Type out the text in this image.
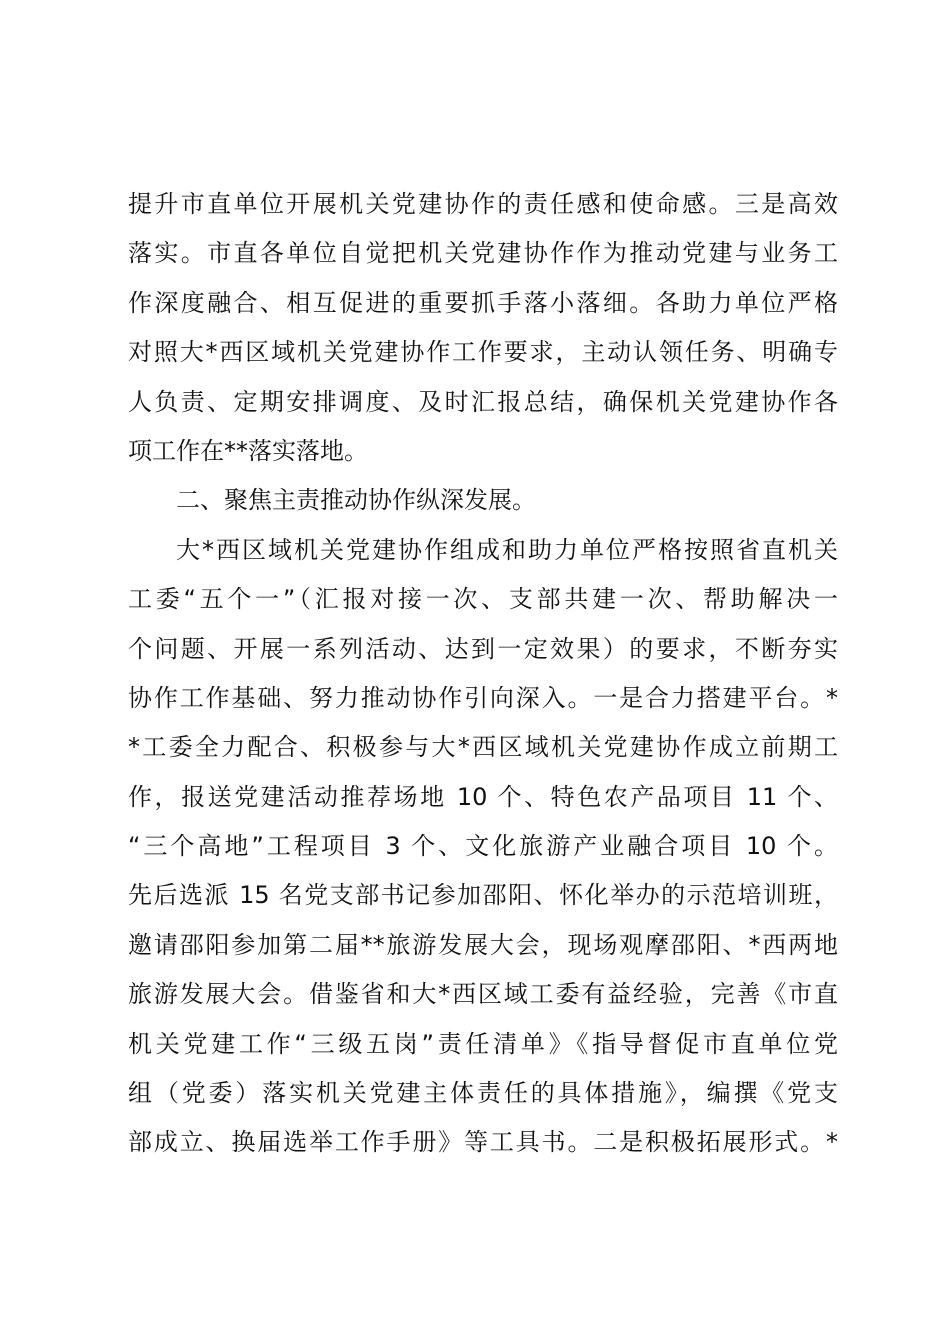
提升市直单位开展机关党建协作的责任感和使命感。三是高效
落实。市直各单位自觉把机关党建协作作为推动党建与业务工
作深度融合、相互促进的重要抓手落小落细。各助力单位严格
对照大*西区域机关党建协作工作要求，主动认领任务、明确专
人负责、定期安排调度、及时汇报总结，确保机关党建协作各
项工作在**落实落地。
二、聚焦主责推动协作纵深发展。
大*西区域机关党建协作组成和助力单位严格按照省直机关
工委“五个一”（汇报对接一次、支部共建一次、帮助解决一
个问题、开展一系列活动、达到一定效果）的要求，不断夯实
协作工作基础、努力推动协作引向深入。一是合力搭建平台。*
*工委全力配合、积极参与大*西区域机关党建协作成立前期工
作，报送党建活动推荐场地 10 个、特色农产品项目 11 个、
“三个高地”工程项目 3 个、文化旅游产业融合项目 10 个。
先后选派 15 名党支部书记参加邵阳、怀化举办的示范培训班，
邀请邵阳参加第二届**旅游发展大会，现场观摩邵阳、*西两地
旅游发展大会。借鉴省和大*西区域工委有益经验，完善《市直
机关党建工作“三级五岗”责任清单》《指导督促市直单位党
组（党委）落实机关党建主体责任的具体措施》，编撰《党支
部成立、换届选举工作手册》等工具书。二是积极拓展形式。*
